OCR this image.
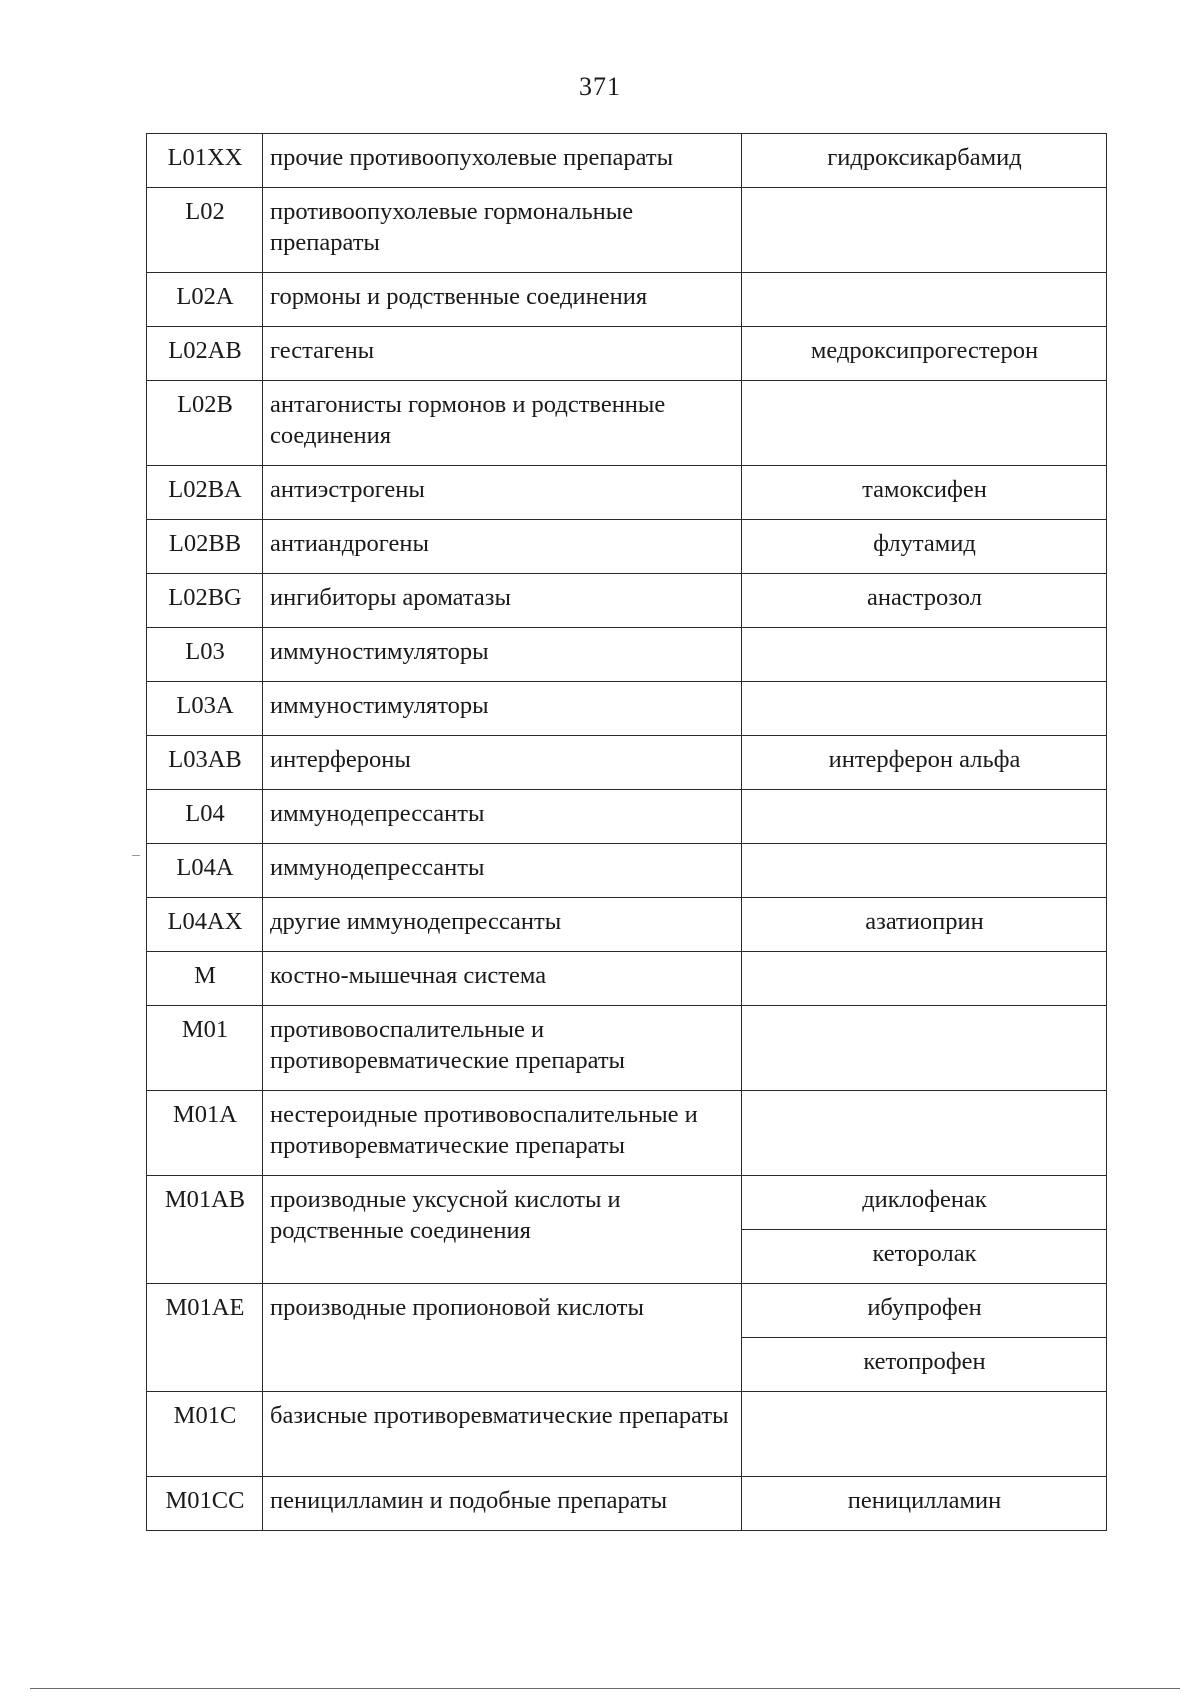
371
L01XX	прочие противоопухолевые препараты	гидроксикарбамид
L02	противоопухолевые гормональные препараты	
L02A	гормоны и родственные соединения	
L02AB	гестагены	медроксипрогестерон
L02B	антагонисты гормонов и родственные соединения	
L02BA	антиэстрогены	тамоксифен
L02BB	антиандрогены	флутамид
L02BG	ингибиторы ароматазы	анастрозол
L03	иммуностимуляторы	
L03A	иммуностимуляторы	
L03AB	интерфероны	интерферон альфа
L04	иммунодепрессанты	
L04A	иммунодепрессанты	
L04AX	другие иммунодепрессанты	азатиоприн
M	костно-мышечная система	
M01	противовоспалительные и противоревматические препараты	
M01A	нестероидные противовоспалительные и противоревматические препараты	
M01AB	производные уксусной кислоты и родственные соединения	диклофенак
		кеторолак
M01AE	производные пропионовой кислоты	ибупрофен
		кетопрофен
M01C	базисные противоревматические препараты	
M01CC	пеницилламин и подобные препараты	пеницилламин
